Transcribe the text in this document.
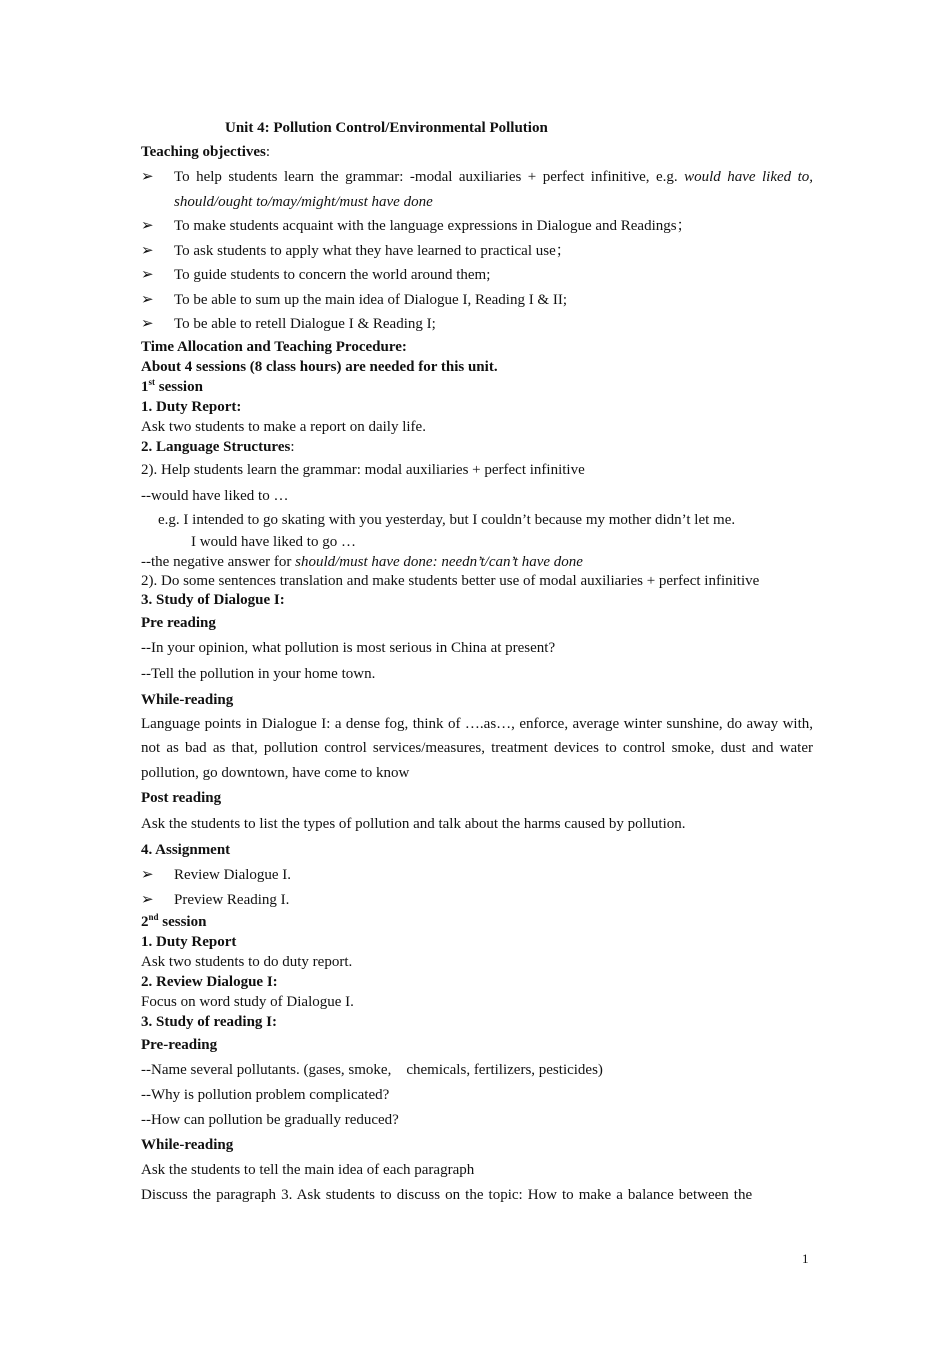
Unit 4: Pollution Control/Environmental Pollution
Teaching objectives:
➢ To help students learn the grammar: -modal auxiliaries + perfect infinitive, e.g. would have liked to, should/ought to/may/might/must have done
➢ To make students acquaint with the language expressions in Dialogue and Readings；
➢ To ask students to apply what they have learned to practical use；
➢ To guide students to concern the world around them;
➢ To be able to sum up the main idea of Dialogue I, Reading I & II;
➢ To be able to retell Dialogue I & Reading I;
Time Allocation and Teaching Procedure:
About 4 sessions (8 class hours) are needed for this unit.
1st session
1. Duty Report:
Ask two students to make a report on daily life.
2. Language Structures:
2). Help students learn the grammar: modal auxiliaries + perfect infinitive
--would have liked to …
e.g. I intended to go skating with you yesterday, but I couldn’t because my mother didn’t let me.
I would have liked to go …
--the negative answer for should/must have done: needn’t/can’t have done
2). Do some sentences translation and make students better use of modal auxiliaries + perfect infinitive
3. Study of Dialogue I:
Pre reading
--In your opinion, what pollution is most serious in China at present?
--Tell the pollution in your home town.
While-reading
Language points in Dialogue I: a dense fog, think of ….as…, enforce, average winter sunshine, do away with, not as bad as that, pollution control services/measures, treatment devices to control smoke, dust and water pollution, go downtown, have come to know
Post reading
Ask the students to list the types of pollution and talk about the harms caused by pollution.
4. Assignment
➢ Review Dialogue I.
➢ Preview Reading I.
2nd session
1. Duty Report
Ask two students to do duty report.
2. Review Dialogue I:
Focus on word study of Dialogue I.
3. Study of reading I:
Pre-reading
--Name several pollutants. (gases, smoke,    chemicals, fertilizers, pesticides)
--Why is pollution problem complicated?
--How can pollution be gradually reduced?
While-reading
Ask the students to tell the main idea of each paragraph
Discuss the paragraph 3. Ask students to discuss on the topic: How to make a balance between the
1
